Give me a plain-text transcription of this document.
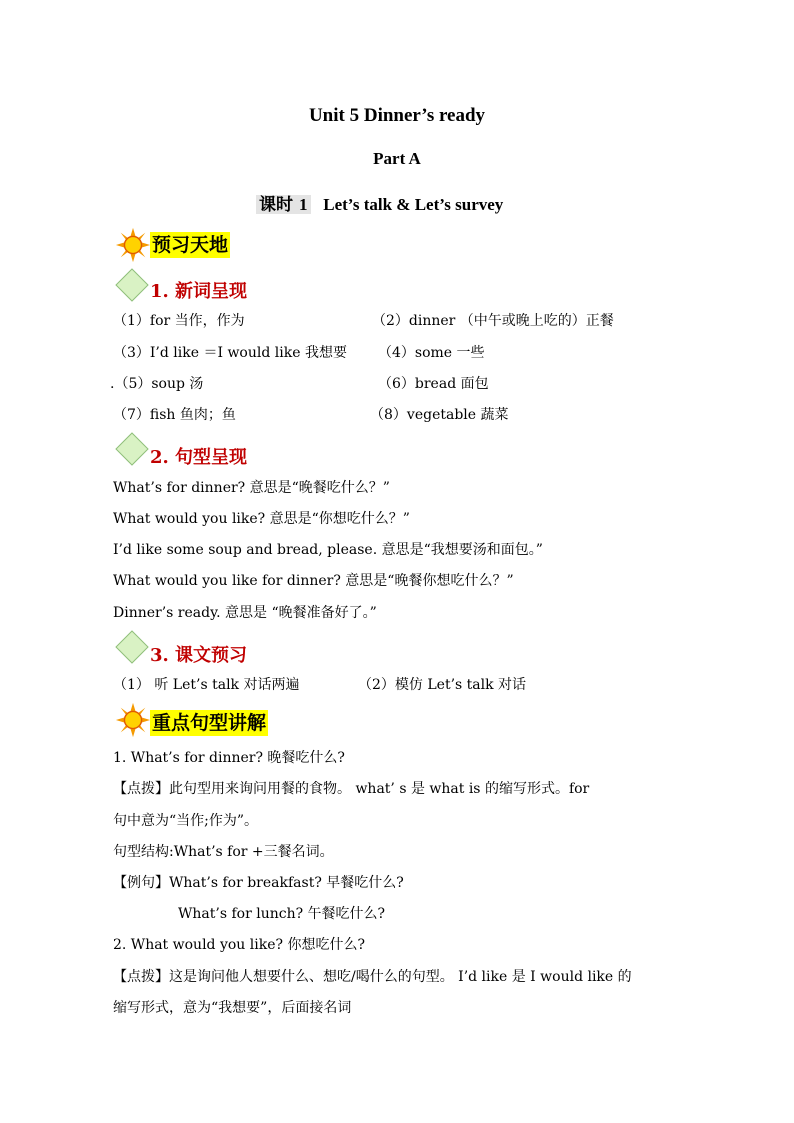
Unit 5 Dinner’s ready
Part A
课时 1 Let’s talk & Let’s survey
预习天地
1. 新词呈现
（1）for 当作，作为	（2）dinner （中午或晚上吃的）正餐
（3）I’d like ＝I would like 我想要 （4）some 一些
.（5）soup 汤	（6）bread 面包
（7）fish 鱼肉；鱼	（8）vegetable 蔬菜
2. 句型呈现
What’s for dinner? 意思是“晚餐吃什么？”
What would you like? 意思是“你想吃什么？”
I’d like some soup and bread, please. 意思是“我想要汤和面包。”
What would you like for dinner? 意思是“晚餐你想吃什么？”
Dinner’s ready. 意思是 “晚餐准备好了。”
3. 课文预习
（1） 听 Let’s talk 对话两遍	（2）模仿 Let’s talk 对话
重点句型讲解
1. What’s for dinner? 晚餐吃什么?
【点拨】此句型用来询问用餐的食物。 what’ s 是 what is 的缩写形式。for
句中意为“当作;作为”。
句型结构:What’s for +三餐名词。
【例句】What’s for breakfast? 早餐吃什么?
What’s for lunch? 午餐吃什么?
2. What would you like? 你想吃什么?
【点拨】这是询问他人想要什么、想吃/喝什么的句型。 I’d like 是 I would like 的
缩写形式，意为“我想要”，后面接名词
